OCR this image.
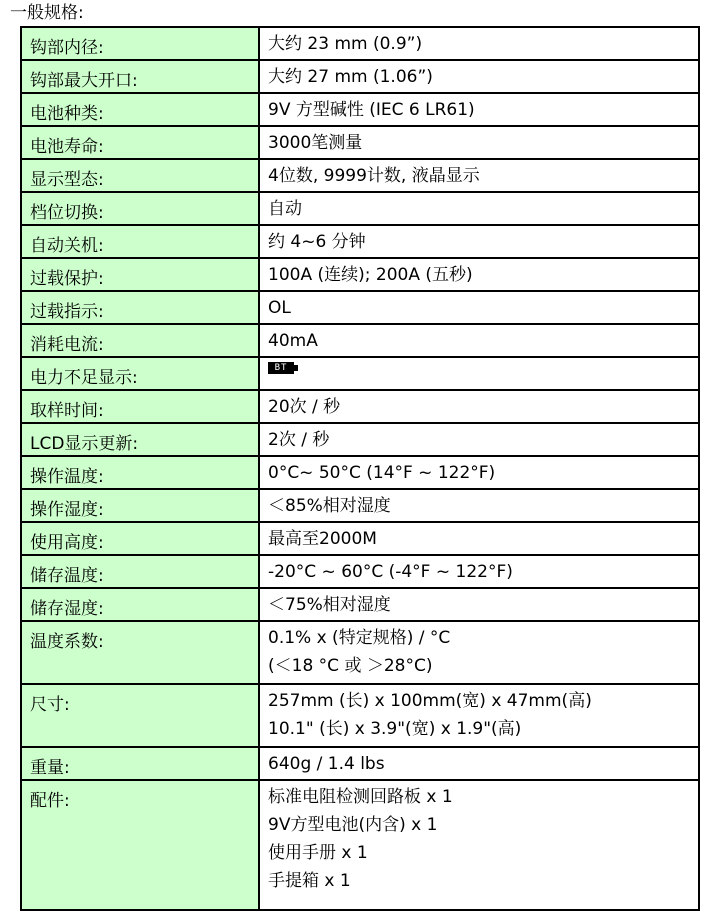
一般规格:
钩部内径:	大约 23 mm (0.9”)

钩部最大开口:	大约 27 mm (1.06”)

电池种类:	9V 方型碱性 (IEC 6 LR61)

电池寿命:	3000笔测量

显示型态:	4位数, 9999计数, 液晶显示

档位切换:	自动

自动关机:	约 4~6 分钟

过载保护:	100A (连续); 200A (五秒)

过载指示:	OL

消耗电流:	40mA

电力不足显示:	BT

取样时间:	20次 / 秒

LCD显示更新:	2次 / 秒

操作温度:	0°C~ 50°C (14°F ~ 122°F)

操作湿度:	＜85%相对湿度

使用高度:	最高至2000M

储存温度:	-20°C ~ 60°C (-4°F ~ 122°F)

储存湿度:	＜75%相对湿度

温度系数:	0.1% x (特定规格) / °C
(＜18 °C 或 ＞28°C)

尺寸:	257mm (长) x 100mm(宽) x 47mm(高)
10.1" (长) x 3.9"(宽) x 1.9"(高)

重量:	640g / 1.4 lbs

配件:	标准电阻检测回路板 x 1
9V方型电池(内含) x 1
使用手册 x 1
手提箱 x 1
